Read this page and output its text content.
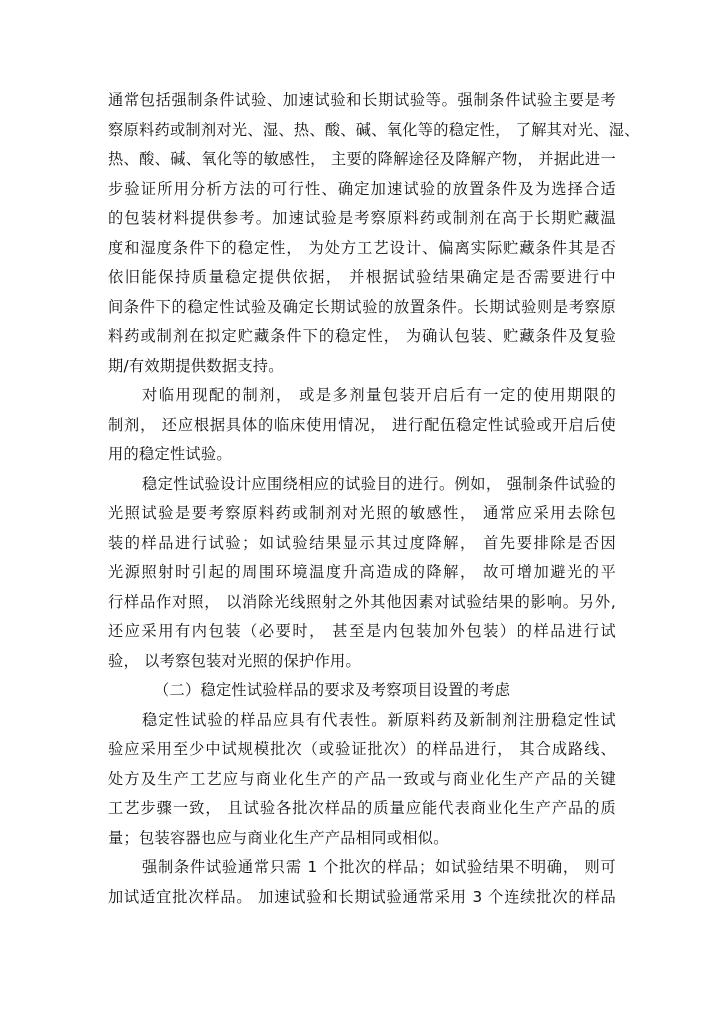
通常包括强制条件试验、加速试验和长期试验等。强制条件试验主要是考
察原料药或制剂对光、湿、热、酸、碱、氧化等的稳定性， 了解其对光、湿、
热、酸、碱、氧化等的敏感性， 主要的降解途径及降解产物， 并据此进一
步验证所用分析方法的可行性、确定加速试验的放置条件及为选择合适
的包装材料提供参考。加速试验是考察原料药或制剂在高于长期贮藏温
度和湿度条件下的稳定性， 为处方工艺设计、偏离实际贮藏条件其是否
依旧能保持质量稳定提供依据， 并根据试验结果确定是否需要进行中
间条件下的稳定性试验及确定长期试验的放置条件。长期试验则是考察原
料药或制剂在拟定贮藏条件下的稳定性， 为确认包装、贮藏条件及复验
期/有效期提供数据支持。
对临用现配的制剂， 或是多剂量包装开启后有一定的使用期限的
制剂， 还应根据具体的临床使用情况， 进行配伍稳定性试验或开启后使
用的稳定性试验。
稳定性试验设计应围绕相应的试验目的进行。例如， 强制条件试验的
光照试验是要考察原料药或制剂对光照的敏感性， 通常应采用去除包
装的样品进行试验；如试验结果显示其过度降解， 首先要排除是否因
光源照射时引起的周围环境温度升高造成的降解， 故可增加避光的平
行样品作对照， 以消除光线照射之外其他因素对试验结果的影响。另外,
还应采用有内包装（必要时， 甚至是内包装加外包装）的样品进行试
验， 以考察包装对光照的保护作用。
（二）稳定性试验样品的要求及考察项目设置的考虑
稳定性试验的样品应具有代表性。新原料药及新制剂注册稳定性试
验应采用至少中试规模批次（或验证批次）的样品进行， 其合成路线、
处方及生产工艺应与商业化生产的产品一致或与商业化生产产品的关键
工艺步骤一致， 且试验各批次样品的质量应能代表商业化生产产品的质
量；包装容器也应与商业化生产产品相同或相似。
强制条件试验通常只需 1 个批次的样品；如试验结果不明确， 则可
加试适宜批次样品。 加速试验和长期试验通常采用 3 个连续批次的样品
